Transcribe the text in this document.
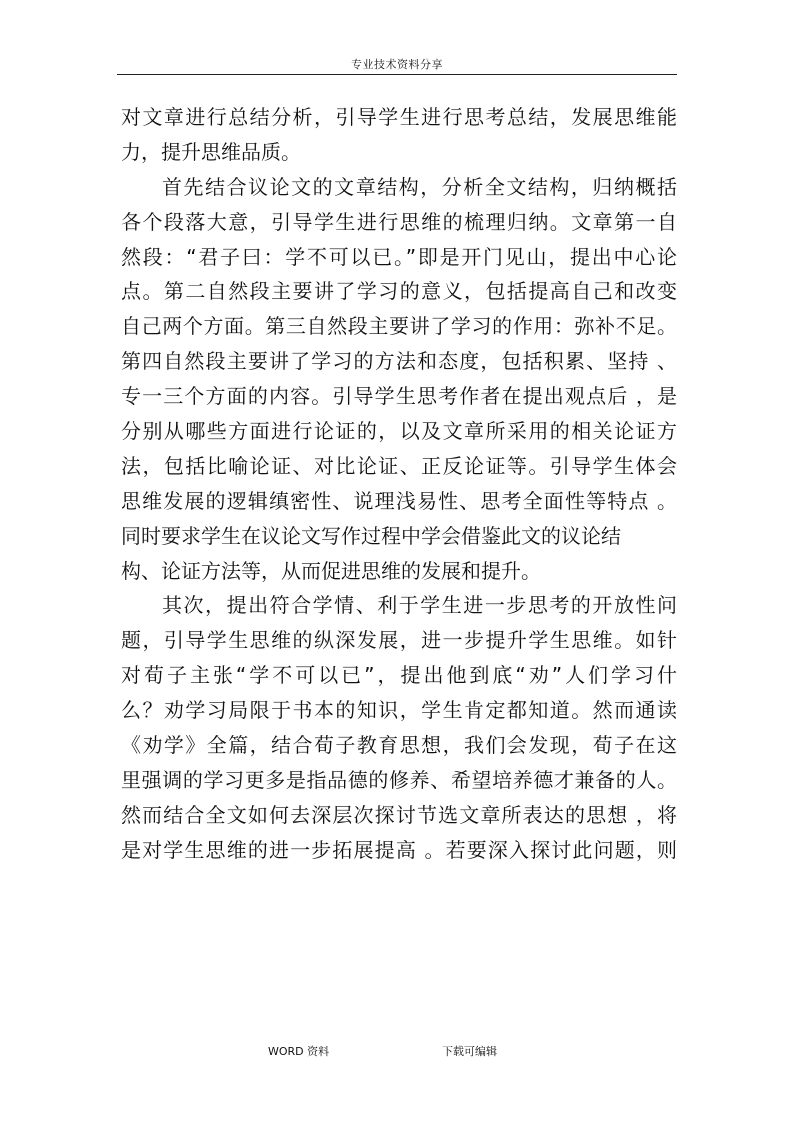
专业技术资料分享
对文章进行总结分析，引导学生进行思考总结，发展思维能
力，提升思维品质。
首先结合议论文的文章结构，分析全文结构，归纳概括
各个段落大意，引导学生进行思维的梳理归纳。文章第一自
然段：“君子曰：学不可以已。”即是开门见山，提出中心论
点。第二自然段主要讲了学习的意义，包括提高自己和改变
自己两个方面。第三自然段主要讲了学习的作用：弥补不足。
第四自然段主要讲了学习的方法和态度，包括积累、坚持 、
专一三个方面的内容。引导学生思考作者在提出观点后 ，是
分别从哪些方面进行论证的，以及文章所采用的相关论证方
法，包括比喻论证、对比论证、正反论证等。引导学生体会
思维发展的逻辑缜密性、说理浅易性、思考全面性等特点 。
同时要求学生在议论文写作过程中学会借鉴此文的议论结
构、论证方法等，从而促进思维的发展和提升。
其次，提出符合学情、利于学生进一步思考的开放性问
题，引导学生思维的纵深发展，进一步提升学生思维。如针
对荀子主张“学不可以已”，提出他到底“劝”人们学习什
么？劝学习局限于书本的知识，学生肯定都知道。然而通读
《劝学》全篇，结合荀子教育思想，我们会发现，荀子在这
里强调的学习更多是指品德的修养、希望培养德才兼备的人。
然而结合全文如何去深层次探讨节选文章所表达的思想 ，将
是对学生思维的进一步拓展提高 。若要深入探讨此问题，则
WORD 资料	下载可编辑
